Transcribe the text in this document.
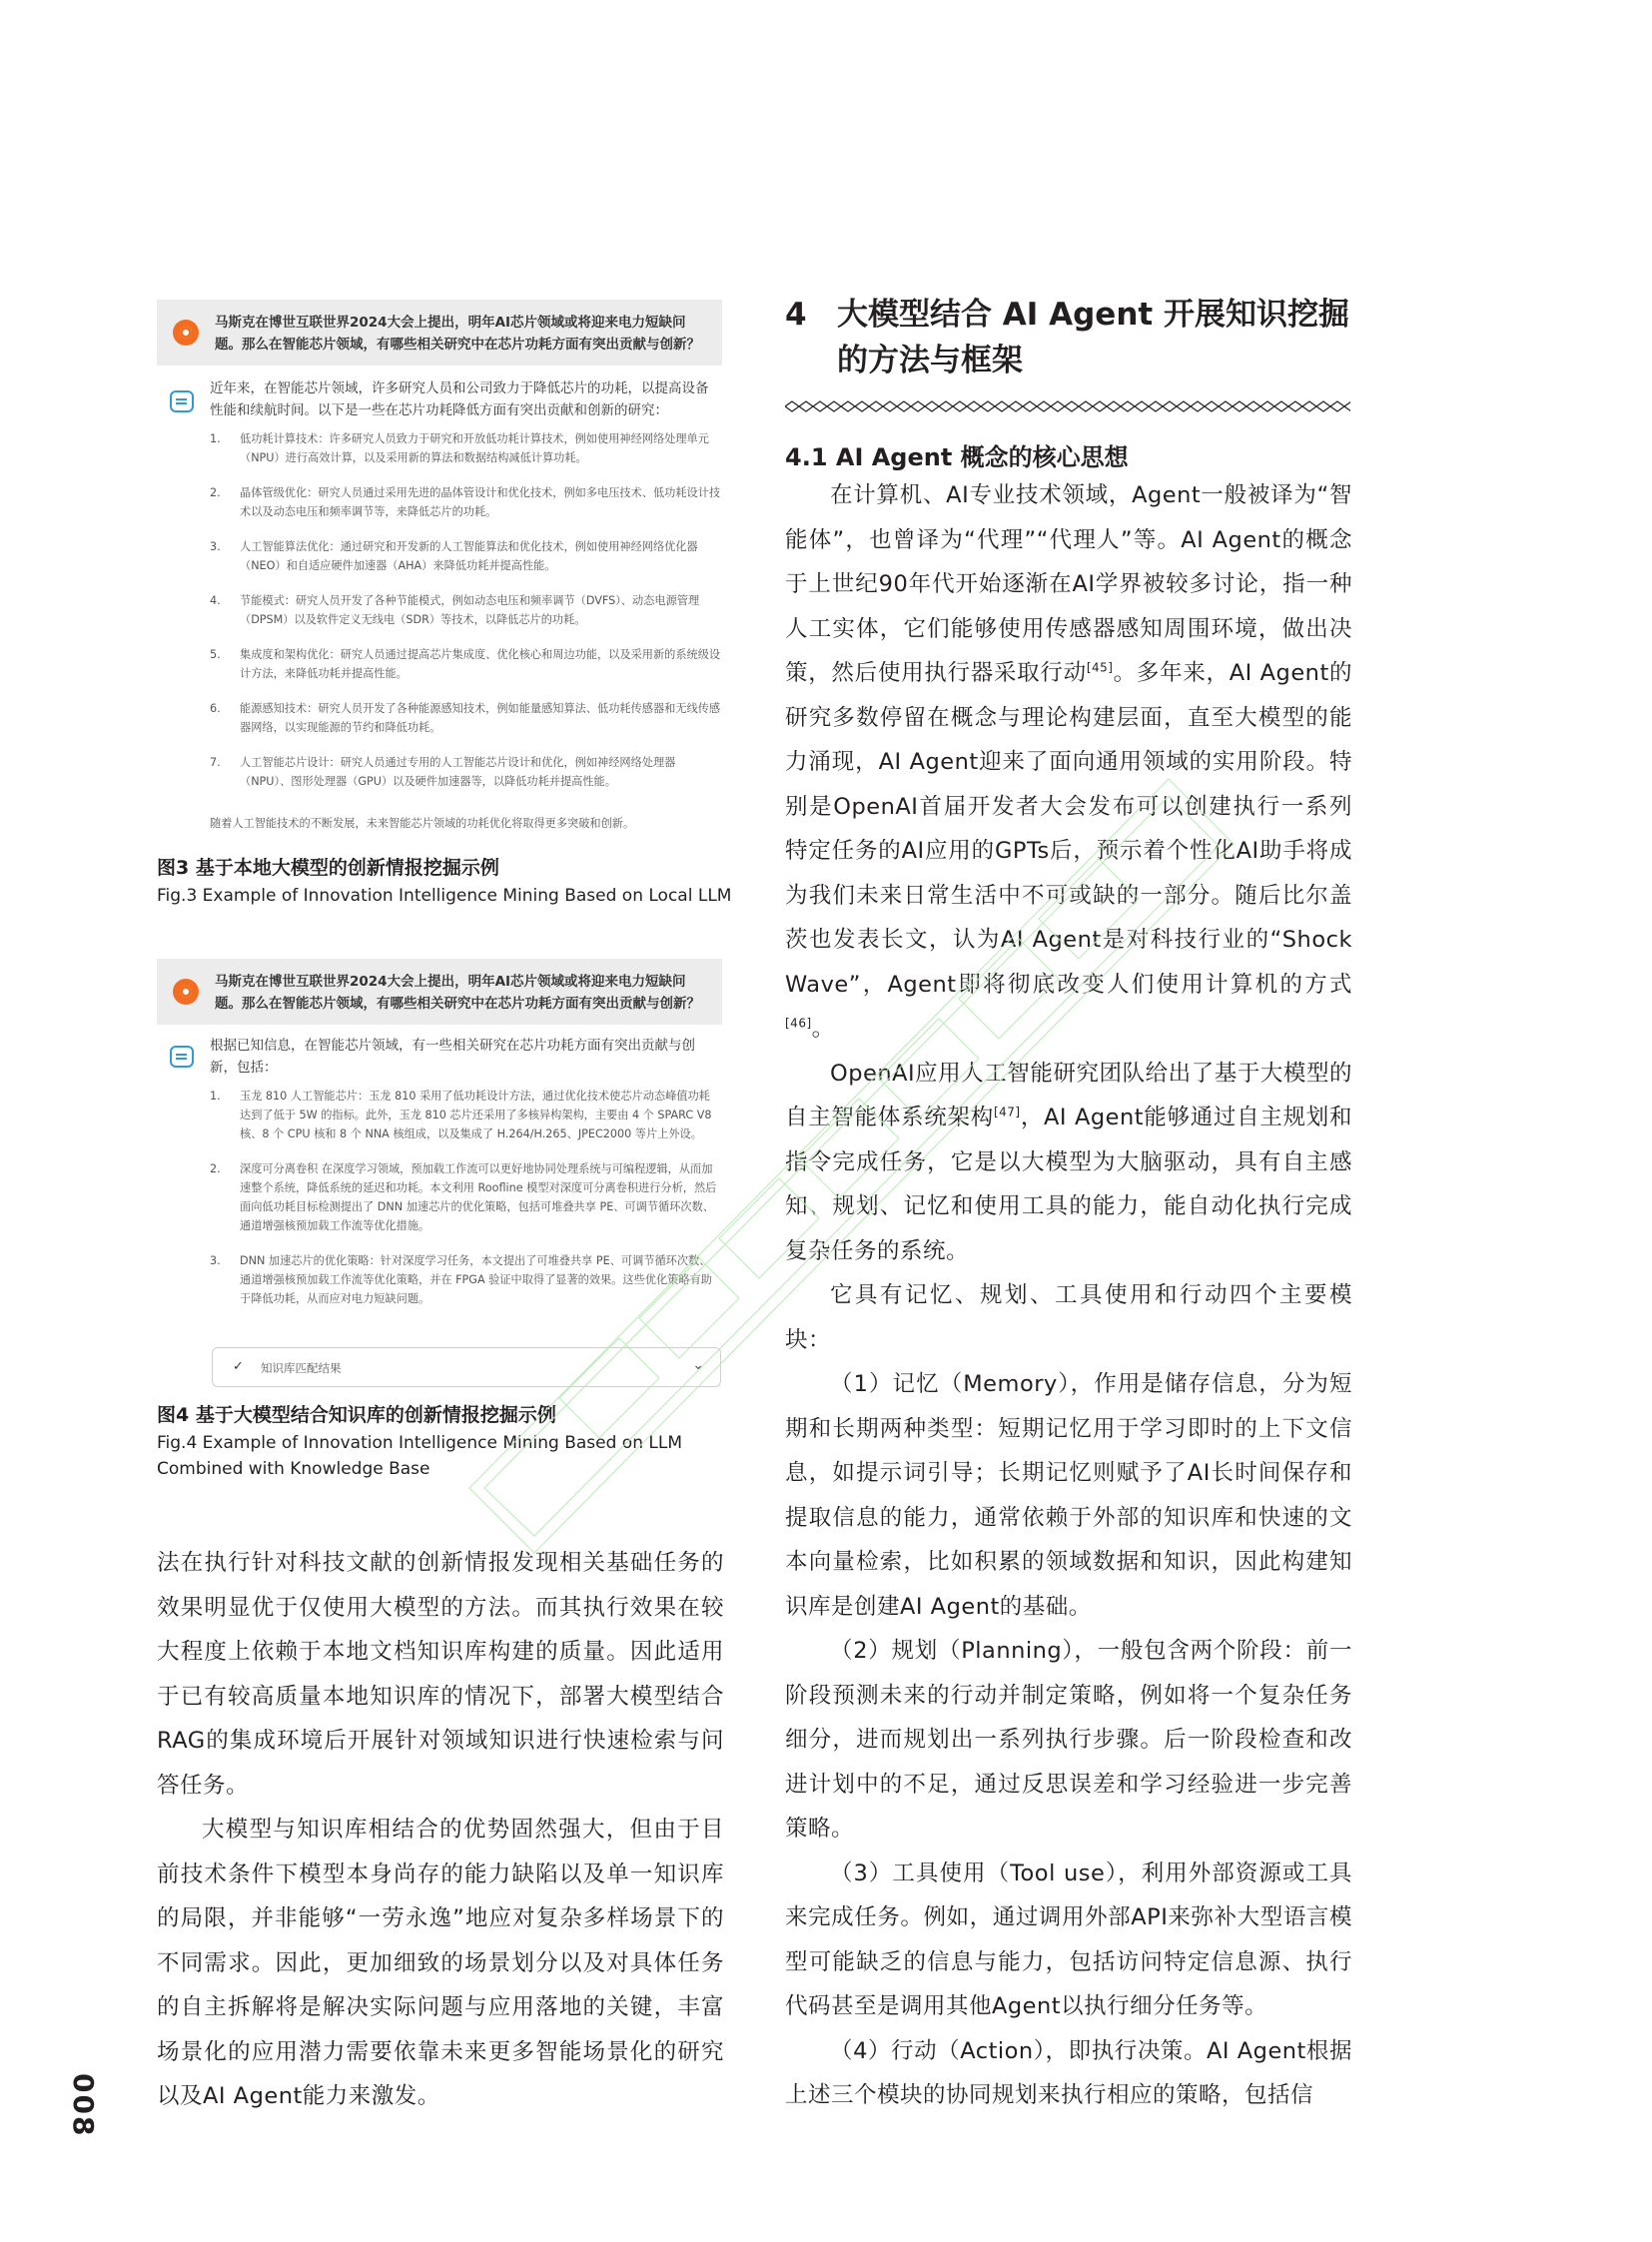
马斯克在博世互联世界2024大会上提出，明年AI芯片领域或将迎来电力短缺问题。那么在智能芯片领域，有哪些相关研究中在芯片功耗方面有突出贡献与创新？
近年来，在智能芯片领域，许多研究人员和公司致力于降低芯片的功耗，以提高设备性能和续航时间。以下是一些在芯片功耗降低方面有突出贡献和创新的研究：
1. 低功耗计算技术：许多研究人员致力于研究和开放低功耗计算技术，例如使用神经网络处理单元（NPU）进行高效计算，以及采用新的算法和数据结构减低计算功耗。
2. 晶体管级优化：研究人员通过采用先进的晶体管设计和优化技术，例如多电压技术、低功耗设计技术以及动态电压和频率调节等，来降低芯片的功耗。
3. 人工智能算法优化：通过研究和开发新的人工智能算法和优化技术，例如使用神经网络优化器（NEO）和自适应硬件加速器（AHA）来降低功耗并提高性能。
4. 节能模式：研究人员开发了各种节能模式，例如动态电压和频率调节（DVFS）、动态电源管理（DPSM）以及软件定义无线电（SDR）等技术，以降低芯片的功耗。
5. 集成度和架构优化：研究人员通过提高芯片集成度、优化核心和周边功能，以及采用新的系统级设计方法，来降低功耗并提高性能。
6. 能源感知技术：研究人员开发了各种能源感知技术，例如能量感知算法、低功耗传感器和无线传感器网络，以实现能源的节约和降低功耗。
7. 人工智能芯片设计：研究人员通过专用的人工智能芯片设计和优化，例如神经网络处理器（NPU）、图形处理器（GPU）以及硬件加速器等，以降低功耗并提高性能。
随着人工智能技术的不断发展，未来智能芯片领域的功耗优化将取得更多突破和创新。
图3 基于本地大模型的创新情报挖掘示例
Fig.3 Example of Innovation Intelligence Mining Based on Local LLM
马斯克在博世互联世界2024大会上提出，明年AI芯片领域或将迎来电力短缺问题。那么在智能芯片领域，有哪些相关研究中在芯片功耗方面有突出贡献与创新？
根据已知信息，在智能芯片领域，有一些相关研究在芯片功耗方面有突出贡献与创新，包括：
1. 玉龙 810 人工智能芯片：玉龙 810 采用了低功耗设计方法，通过优化技术使芯片动态峰值功耗达到了低于 5W 的指标。此外，玉龙 810 芯片还采用了多核异构架构，主要由 4 个 SPARC V8 核、8 个 CPU 核和 8 个 NNA 核组成，以及集成了 H.264/H.265、JPEC2000 等片上外设。
2. 深度可分离卷积 在深度学习领域，预加载工作流可以更好地协同处理系统与可编程逻辑，从而加速整个系统，降低系统的延迟和功耗。本文利用 Roofline 模型对深度可分离卷积进行分析，然后面向低功耗目标检测提出了 DNN 加速芯片的优化策略，包括可堆叠共享 PE、可调节循环次数、通道增强核预加载工作流等优化措施。
3. DNN 加速芯片的优化策略：针对深度学习任务，本文提出了可堆叠共享 PE、可调节循环次数、通道增强核预加载工作流等优化策略，并在 FPGA 验证中取得了显著的效果。这些优化策略有助于降低功耗，从而应对电力短缺问题。
✓ 知识库匹配结果	⌄
图4 基于大模型结合知识库的创新情报挖掘示例
Fig.4 Example of Innovation Intelligence Mining Based on LLM Combined with Knowledge Base

法在执行针对科技文献的创新情报发现相关基础任务的效果明显优于仅使用大模型的方法。而其执行效果在较大程度上依赖于本地文档知识库构建的质量。因此适用于已有较高质量本地知识库的情况下，部署大模型结合RAG的集成环境后开展针对领域知识进行快速检索与问答任务。

大模型与知识库相结合的优势固然强大，但由于目前技术条件下模型本身尚存的能力缺陷以及单一知识库的局限，并非能够“一劳永逸”地应对复杂多样场景下的不同需求。因此，更加细致的场景划分以及对具体任务的自主拆解将是解决实际问题与应用落地的关键，丰富场景化的应用潜力需要依靠未来更多智能场景化的研究以及AI Agent能力来激发。

4 大模型结合 AI Agent 开展知识挖掘的方法与框架
4.1 AI Agent 概念的核心思想

在计算机、AI专业技术领域，Agent一般被译为“智能体”，也曾译为“代理”“代理人”等。AI Agent的概念于上世纪90年代开始逐渐在AI学界被较多讨论，指一种人工实体，它们能够使用传感器感知周围环境，做出决策，然后使用执行器采取行动[45]。多年来，AI Agent的研究多数停留在概念与理论构建层面，直至大模型的能力涌现，AI Agent迎来了面向通用领域的实用阶段。特别是OpenAI首届开发者大会发布可以创建执行一系列特定任务的AI应用的GPTs后，预示着个性化AI助手将成为我们未来日常生活中不可或缺的一部分。随后比尔盖茨也发表长文，认为AI Agent是对科技行业的“Shock Wave”，Agent即将彻底改变人们使用计算机的方式[46]。

OpenAI应用人工智能研究团队给出了基于大模型的自主智能体系统架构[47]，AI Agent能够通过自主规划和指令完成任务，它是以大模型为大脑驱动，具有自主感知、规划、记忆和使用工具的能力，能自动化执行完成复杂任务的系统。

它具有记忆、规划、工具使用和行动四个主要模块：

（1）记忆（Memory），作用是储存信息，分为短期和长期两种类型：短期记忆用于学习即时的上下文信息，如提示词引导；长期记忆则赋予了AI长时间保存和提取信息的能力，通常依赖于外部的知识库和快速的文本向量检索，比如积累的领域数据和知识，因此构建知识库是创建AI Agent的基础。

（2）规划（Planning），一般包含两个阶段：前一阶段预测未来的行动并制定策略，例如将一个复杂任务细分，进而规划出一系列执行步骤。后一阶段检查和改进计划中的不足，通过反思误差和学习经验进一步完善策略。

（3）工具使用（Tool use），利用外部资源或工具来完成任务。例如，通过调用外部API来弥补大型语言模型可能缺乏的信息与能力，包括访问特定信息源、执行代码甚至是调用其他Agent以执行细分任务等。

（4）行动（Action），即执行决策。AI Agent根据上述三个模块的协同规划来执行相应的策略，包括信

008
